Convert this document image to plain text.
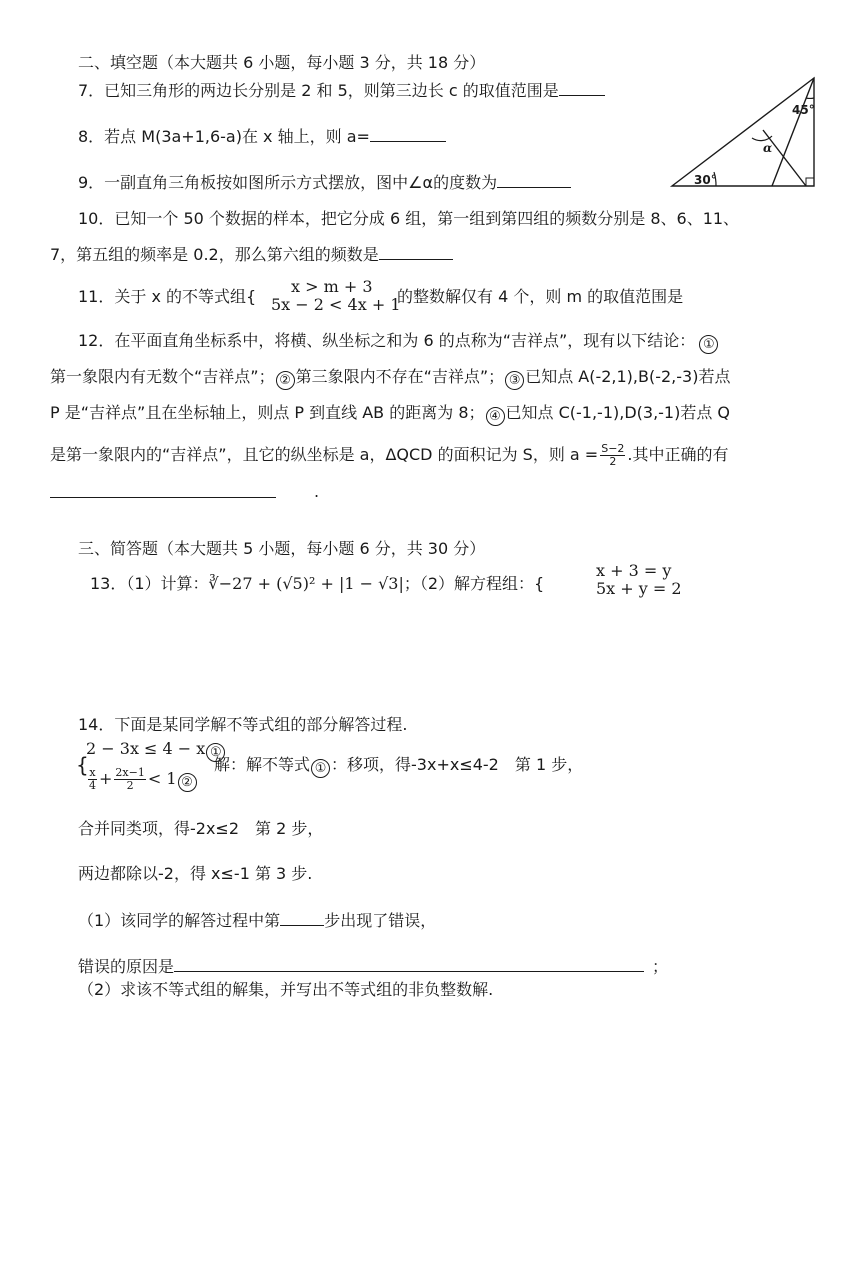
二、填空题（本大题共 6 小题，每小题 3 分，共 18 分）
7．已知三角形的两边长分别是 2 和 5，则第三边长 c 的取值范围是
8．若点 M(3a+1,6-a)在 x 轴上，则 a=
9．一副直角三角板按如图所示方式摆放，图中∠α的度数为
45°
30°
α
10．已知一个 50 个数据的样本，把它分成 6 组，第一组到第四组的频数分别是 8、6、11、
7，第五组的频率是 0.2，那么第六组的频数是
11．关于 x 的不等式组{
x > m + 3
5x − 2 < 4x + 1
的整数解仅有 4 个，则 m 的取值范围是
12．在平面直角坐标系中，将横、纵坐标之和为 6 的点称为“吉祥点”，现有以下结论： ①
第一象限内有无数个“吉祥点”； ② 第三象限内不存在“吉祥点”； ③ 已知点 A(-2,1),B(-2,-3)若点
P 是“吉祥点”且在坐标轴上，则点 P 到直线 AB 的距离为 8； ④ 已知点 C(-1,-1),D(3,-1)若点 Q
是第一象限内的“吉祥点”，且它的纵坐标是 a，ΔQCD 的面积记为 S，则 $a = \frac{S-2}{2}$ .其中正确的有
.
三、简答题（本大题共 5 小题，每小题 6 分，共 30 分）
13．（1）计算：∛−27 + (√5)² + |1 − √3|；（2）解方程组：{
x + 3 = y
5x + y = 2
14．下面是某同学解不等式组的部分解答过程.
{
2 − 3x ≤ 4 − x ①
$\frac{x}{4} + \frac{2x-1}{2} < 1$ ②
解：解不等式 ① ：移项，得-3x+x≤4-2　第 1 步，
合并同类项，得-2x≤2　第 2 步，
两边都除以-2，得 x≤-1 第 3 步.
（1）该同学的解答过程中第	步出现了错误，
错误的原因是	；
（2）求该不等式组的解集，并写出不等式组的非负整数解.
